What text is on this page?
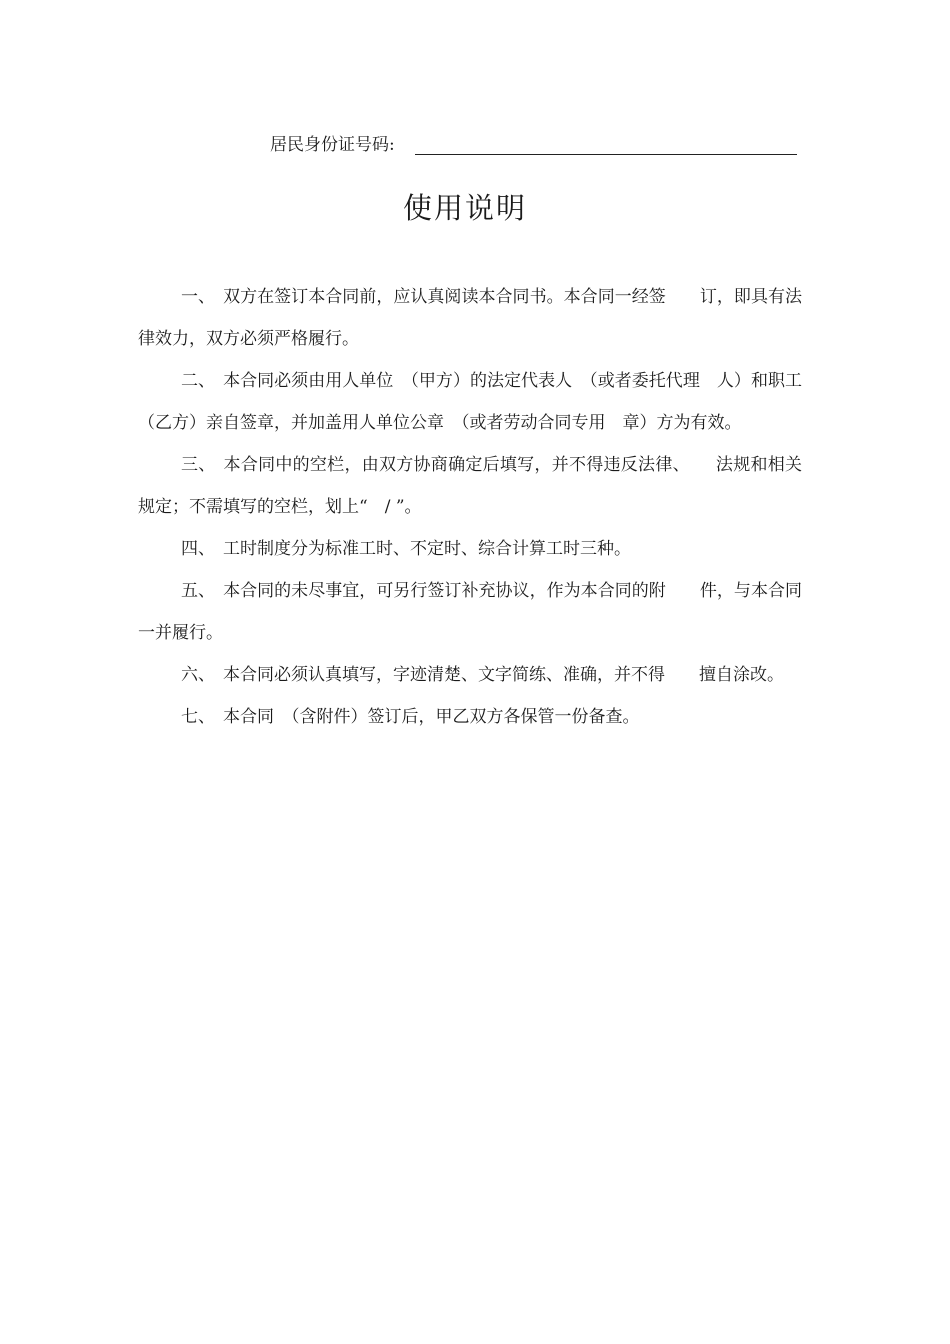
居民身份证号码:
使用说明

一、 双方在签订本合同前，应认真阅读本合同书。本合同一经签　　订，即具有法律效力，双方必须严格履行。

二、 本合同必须由用人单位　（甲方）的法定代表人　（或者委托代理　人）和职工（乙方）亲自签章，并加盖用人单位公章　（或者劳动合同专用　章）方为有效。

三、 本合同中的空栏，由双方协商确定后填写，并不得违反法律、　　法规和相关规定；不需填写的空栏，划上“　/ ”。

四、 工时制度分为标准工时、不定时、综合计算工时三种。

五、 本合同的未尽事宜，可另行签订补充协议，作为本合同的附　　件，与本合同一并履行。

六、 本合同必须认真填写，字迹清楚、文字简练、准确，并不得　　擅自涂改。

七、 本合同　（含附件）签订后，甲乙双方各保管一份备查。
